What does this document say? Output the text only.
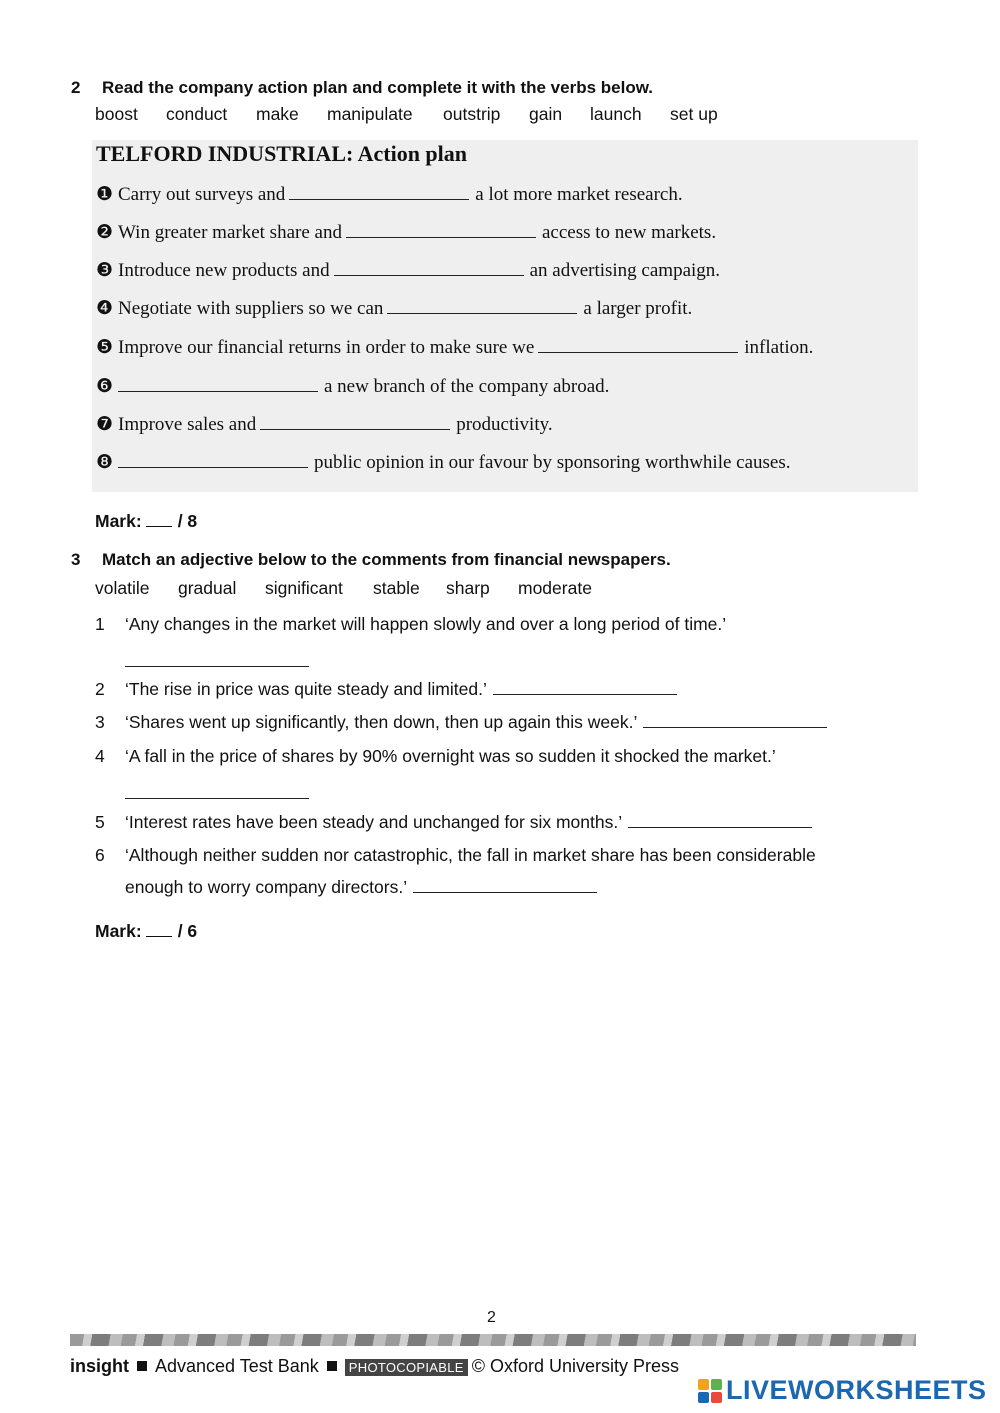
2 Read the company action plan and complete it with the verbs below.
boost	conduct	make	manipulate	outstrip	gain	launch	set up
TELFORD INDUSTRIAL: Action plan
❶ Carry out surveys and	a lot more market research.
❷ Win greater market share and	access to new markets.
❸ Introduce new products and	an advertising campaign.
❹ Negotiate with suppliers so we can	a larger profit.
❺ Improve our financial returns in order to make sure we	inflation.
❻	a new branch of the company abroad.
❼ Improve sales and	productivity.
❽	public opinion in our favour by sponsoring worthwhile causes.
Mark: / 8
3 Match an adjective below to the comments from financial newspapers.
volatile	gradual	significant	stable	sharp	moderate
1 ‘Any changes in the market will happen slowly and over a long period of time.’
2 ‘The rise in price was quite steady and limited.’
3 ‘Shares went up significantly, then down, then up again this week.’
4 ‘A fall in the price of shares by 90% overnight was so sudden it shocked the market.’
5 ‘Interest rates have been steady and unchanged for six months.’
6 ‘Although neither sudden nor catastrophic, the fall in market share has been considerable
enough to worry company directors.’
Mark: / 6
2
insight Advanced Test Bank PHOTOCOPIABLE © Oxford University Press
LIVEWORKSHEETS
